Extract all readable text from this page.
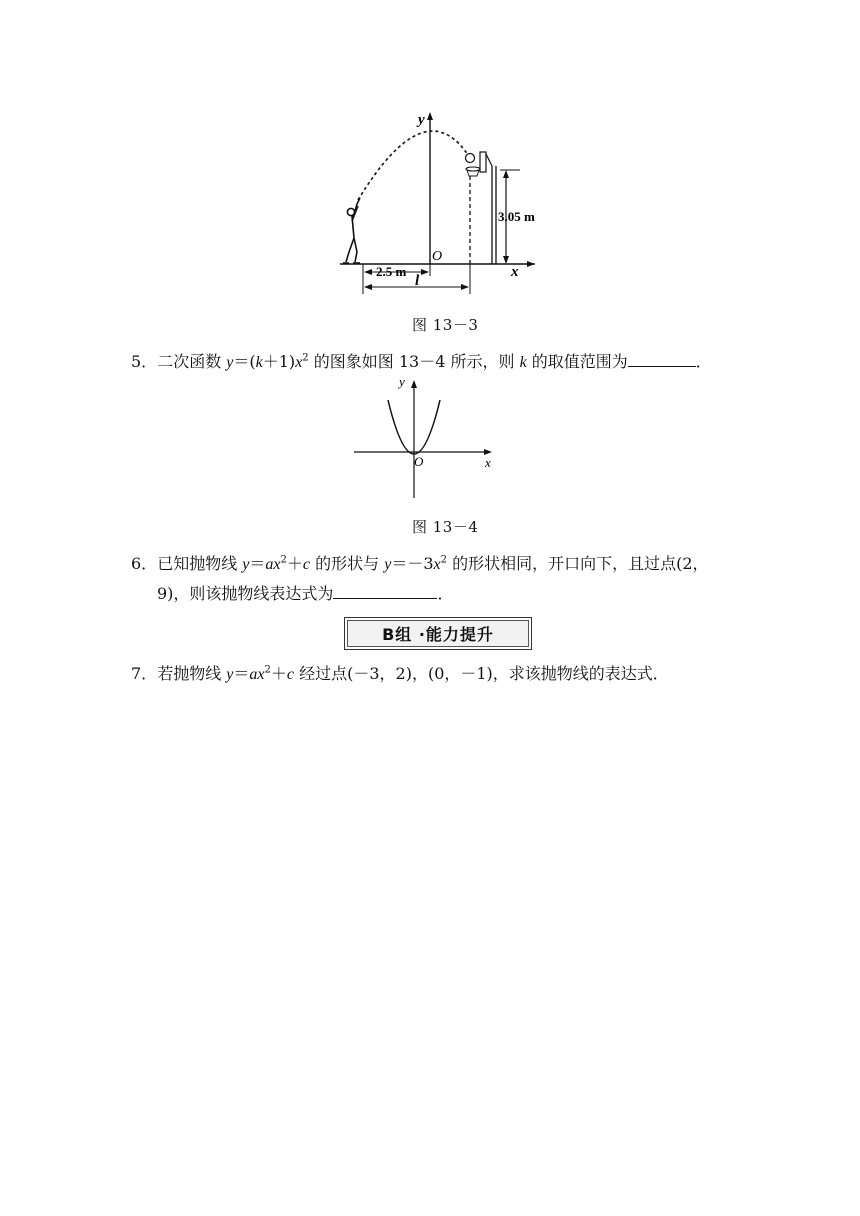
y
x
O
3.05 m
2.5 m
l
图 13－3
5．二次函数 $y=(k+1)x^2$ 的图象如图 13－4 所示，则 k 的取值范围为	．
y
x
O
图 13－4
6．已知抛物线 $y=ax^2+c$ 的形状与 $y=-3x^2$ 的形状相同，开口向下，且过点(2，
9)，则该抛物线表达式为	．
B组 ·能力提升
7．若抛物线 $y=ax^2+c$ 经过点(－3，2)，(0，－1)，求该抛物线的表达式．
